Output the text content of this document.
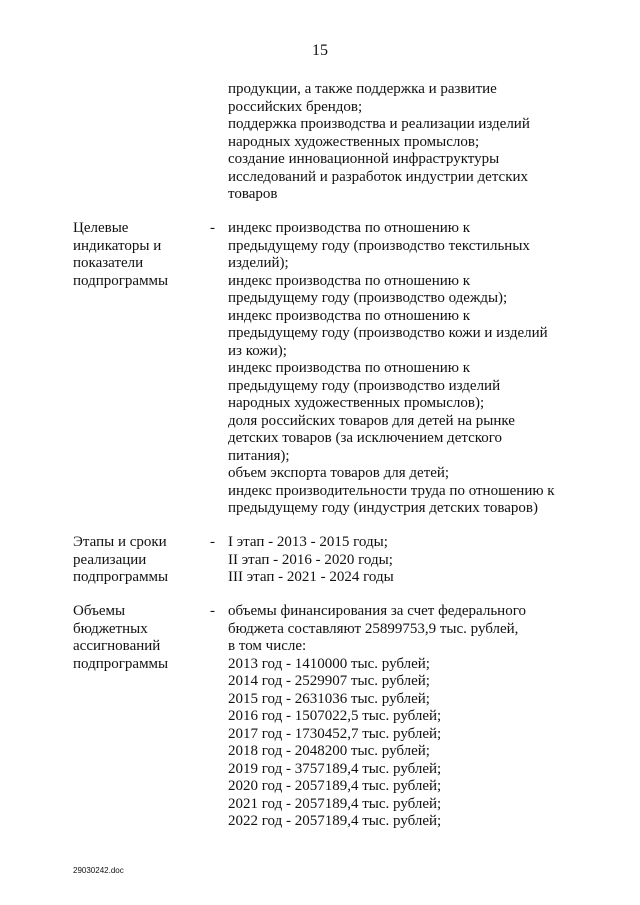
15
продукции, а также поддержка и развитие
российских брендов;
поддержка производства и реализации изделий
народных художественных промыслов;
создание инновационной инфраструктуры
исследований и разработок индустрии детских
товаров
Целевые
индикаторы и
показатели
подпрограммы
- индекс производства по отношению к
предыдущему году (производство текстильных
изделий);
индекс производства по отношению к
предыдущему году (производство одежды);
индекс производства по отношению к
предыдущему году (производство кожи и изделий
из кожи);
индекс производства по отношению к
предыдущему году (производство изделий
народных художественных промыслов);
доля российских товаров для детей на рынке
детских товаров (за исключением детского
питания);
объем экспорта товаров для детей;
индекс производительности труда по отношению к
предыдущему году (индустрия детских товаров)
Этапы и сроки
реализации
подпрограммы
- I этап - 2013 - 2015 годы;
II этап - 2016 - 2020 годы;
III этап - 2021 - 2024 годы
Объемы
бюджетных
ассигнований
подпрограммы
- объемы финансирования за счет федерального
бюджета составляют 25899753,9 тыс. рублей,
в том числе:
2013 год - 1410000 тыс. рублей;
2014 год - 2529907 тыс. рублей;
2015 год - 2631036 тыс. рублей;
2016 год - 1507022,5 тыс. рублей;
2017 год - 1730452,7 тыс. рублей;
2018 год - 2048200 тыс. рублей;
2019 год - 3757189,4 тыс. рублей;
2020 год - 2057189,4 тыс. рублей;
2021 год - 2057189,4 тыс. рублей;
2022 год - 2057189,4 тыс. рублей;
29030242.doc
